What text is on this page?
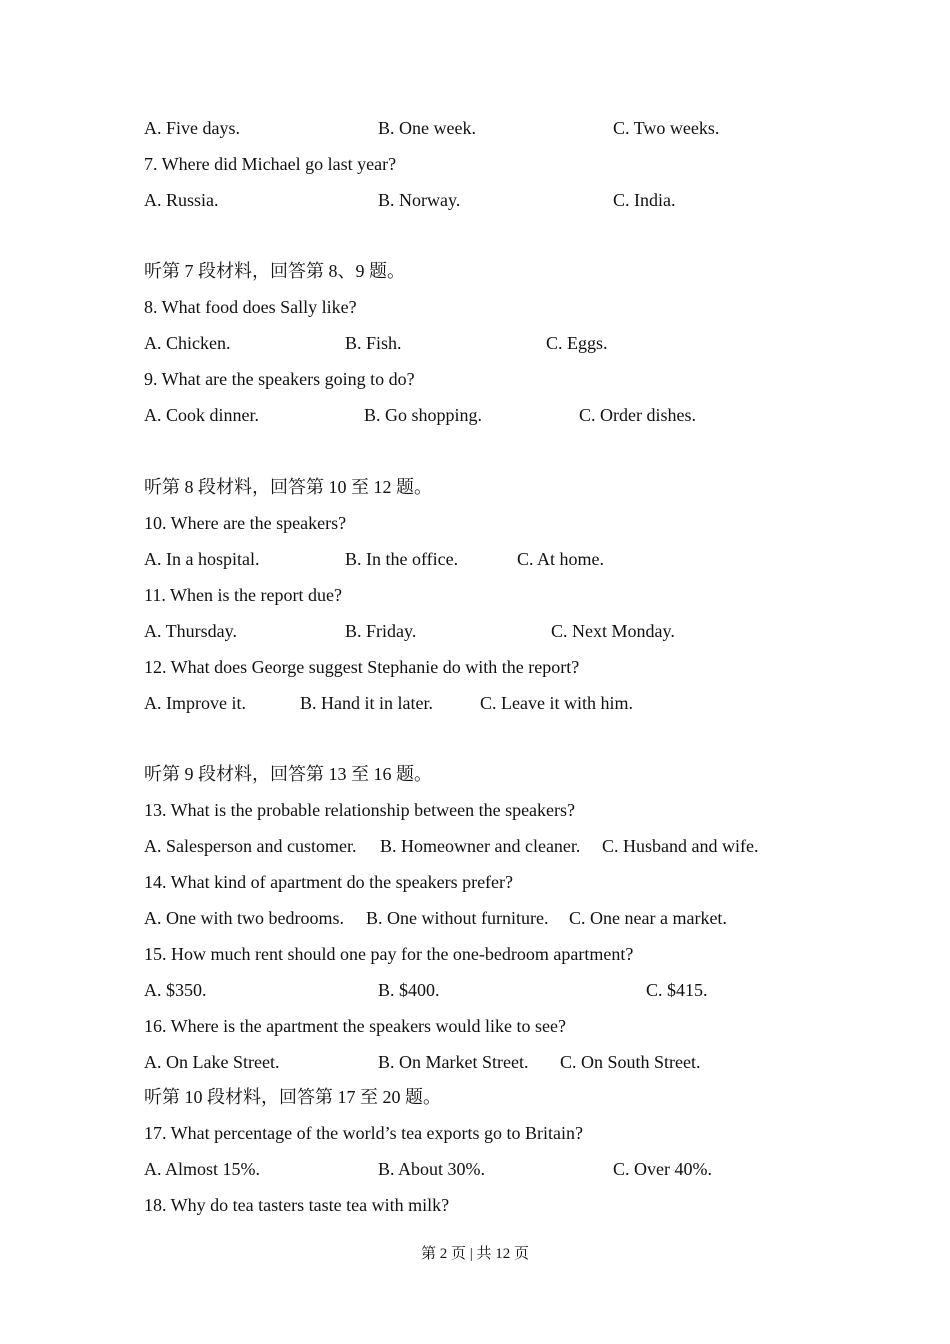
A. Five days.	B. One week.	C. Two weeks.
7. Where did Michael go last year?
A. Russia.	B. Norway.	C. India.
听第 7 段材料，回答第 8、9 题。
8. What food does Sally like?
A. Chicken.	B. Fish.	C. Eggs.
9. What are the speakers going to do?
A. Cook dinner.	B. Go shopping.	C. Order dishes.
听第 8 段材料，回答第 10 至 12 题。
10. Where are the speakers?
A. In a hospital.	B. In the office.	C. At home.
11. When is the report due?
A. Thursday.	B. Friday.	C. Next Monday.
12. What does George suggest Stephanie do with the report?
A. Improve it.	B. Hand it in later.	C. Leave it with him.
听第 9 段材料，回答第 13 至 16 题。
13. What is the probable relationship between the speakers?
A. Salesperson and customer. B. Homeowner and cleaner. C. Husband and wife.
14. What kind of apartment do the speakers prefer?
A. One with two bedrooms. B. One without furniture. C. One near a market.
15. How much rent should one pay for the one-bedroom apartment?
A. $350.	B. $400.	C. $415.
16. Where is the apartment the speakers would like to see?
A. On Lake Street.	B. On Market Street. C. On South Street.
听第 10 段材料，回答第 17 至 20 题。
17. What percentage of the world’s tea exports go to Britain?
A. Almost 15%.	B. About 30%.	C. Over 40%.
18. Why do tea tasters taste tea with milk?
第 2 页 | 共 12 页
